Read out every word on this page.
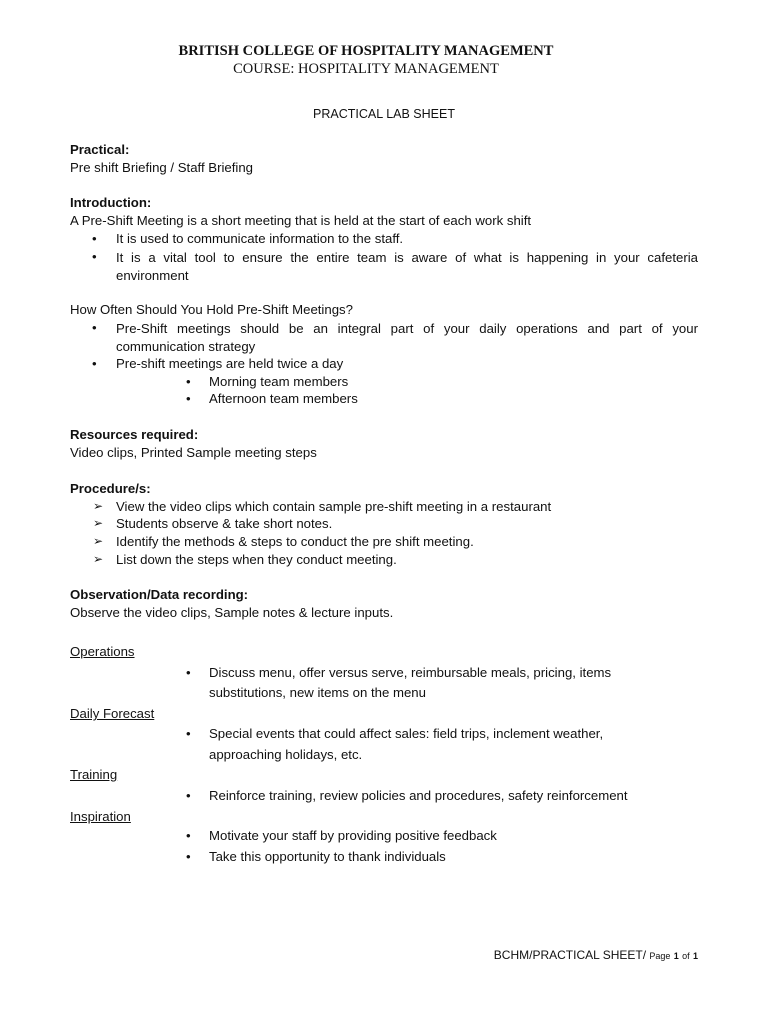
BRITISH COLLEGE OF HOSPITALITY MANAGEMENT
COURSE: HOSPITALITY MANAGEMENT
PRACTICAL LAB SHEET
Practical:
Pre shift Briefing / Staff Briefing
Introduction:
A Pre-Shift Meeting is a short meeting that is held at the start of each work shift
• It is used to communicate information to the staff.
• It is a vital tool to ensure the entire team is aware of what is happening in your cafeteria environment
How Often Should You Hold Pre-Shift Meetings?
• Pre-Shift meetings should be an integral part of your daily operations and part of your communication strategy
• Pre-shift meetings are held twice a day
• Morning team members
• Afternoon team members
Resources required:
Video clips, Printed Sample meeting steps
Procedure/s:
➢ View the video clips which contain sample pre-shift meeting in a restaurant
➢ Students observe & take short notes.
➢ Identify the methods & steps to conduct the pre shift meeting.
➢ List down the steps when they conduct meeting.
Observation/Data recording:
Observe the video clips, Sample notes & lecture inputs.
Operations
• Discuss menu, offer versus serve, reimbursable meals, pricing, items
substitutions, new items on the menu
Daily Forecast
• Special events that could affect sales: field trips, inclement weather,
approaching holidays, etc.
Training
• Reinforce training, review policies and procedures, safety reinforcement
Inspiration
• Motivate your staff by providing positive feedback
• Take this opportunity to thank individuals
BCHM/PRACTICAL SHEET/ Page 1 of 1
